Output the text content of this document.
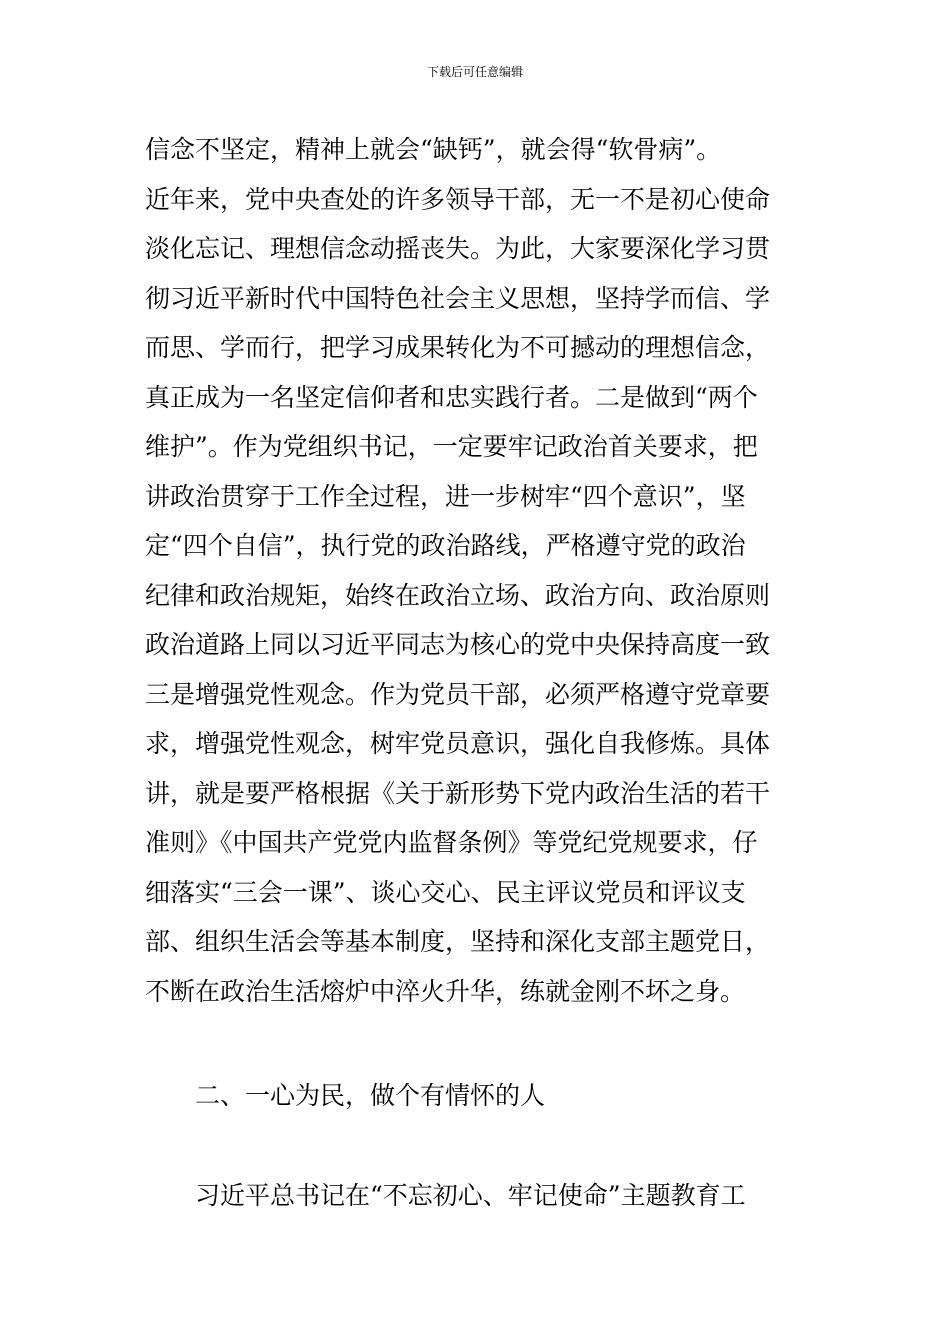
下载后可任意编辑
信念不坚定，精神上就会“缺钙”，就会得“软骨病”。
近年来，党中央查处的许多领导干部，无一不是初心使命
淡化忘记、理想信念动摇丧失。为此，大家要深化学习贯
彻习近平新时代中国特色社会主义思想，坚持学而信、学
而思、学而行，把学习成果转化为不可撼动的理想信念，
真正成为一名坚定信仰者和忠实践行者。二是做到“两个
维护”。作为党组织书记，一定要牢记政治首关要求，把
讲政治贯穿于工作全过程，进一步树牢“四个意识”，坚
定“四个自信”，执行党的政治路线，严格遵守党的政治
纪律和政治规矩，始终在政治立场、政治方向、政治原则
政治道路上同以习近平同志为核心的党中央保持高度一致
三是增强党性观念。作为党员干部，必须严格遵守党章要
求，增强党性观念，树牢党员意识，强化自我修炼。具体
讲，就是要严格根据《关于新形势下党内政治生活的若干
准则》《中国共产党党内监督条例》等党纪党规要求，仔
细落实“三会一课”、谈心交心、民主评议党员和评议支
部、组织生活会等基本制度，坚持和深化支部主题党日，
不断在政治生活熔炉中淬火升华，练就金刚不坏之身。
二、一心为民，做个有情怀的人
习近平总书记在“不忘初心、牢记使命”主题教育工
